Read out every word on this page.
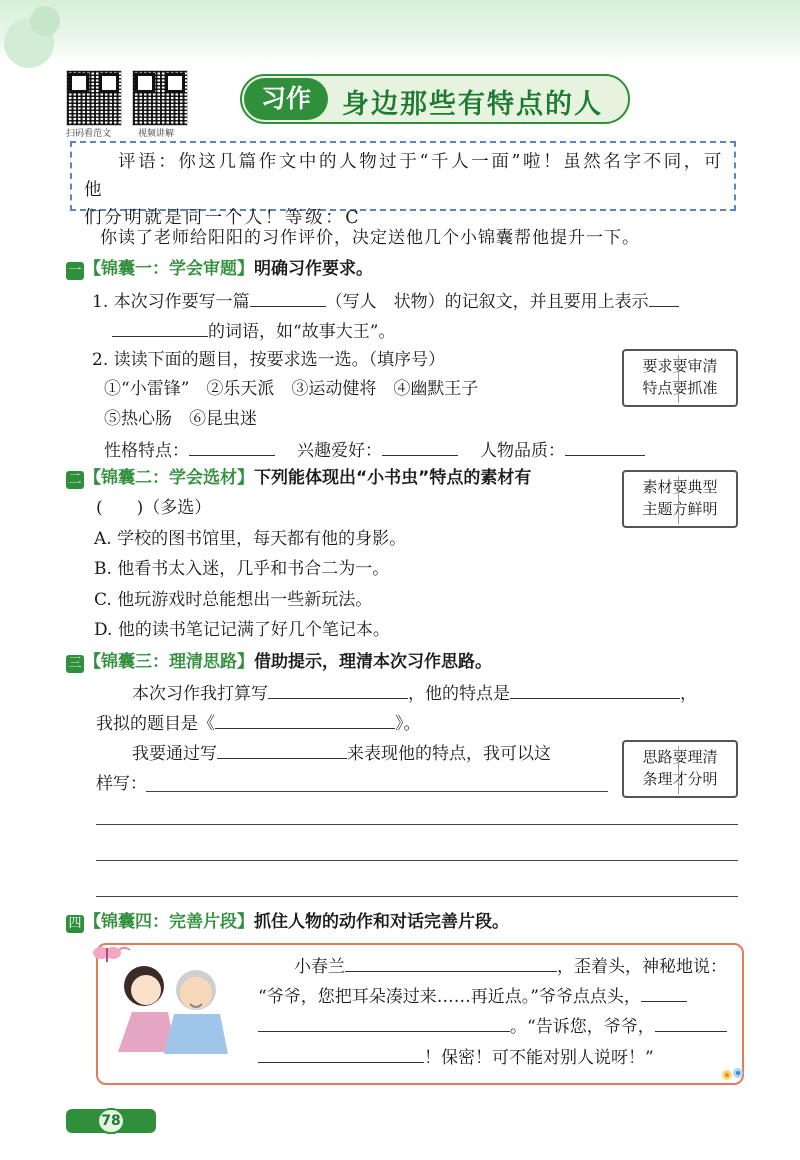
扫码看范文	视频讲解
习作	身边那些有特点的人
评语：你这几篇作文中的人物过于“千人一面”啦！虽然名字不同，可他
们分明就是同一个人！等级：C
你读了老师给阳阳的习作评价，决定送他几个小锦囊帮他提升一下。
一 【锦囊一：学会审题】明确习作要求。
1. 本次习作要写一篇	（写人　状物）的记叙文，并且要用上表示
的词语，如“故事大王”。
2. 读读下面的题目，按要求选一选。（填序号）
①“小雷锋”　②乐天派　③运动健将　④幽默王子
⑤热心肠　⑥昆虫迷
性格特点：	兴趣爱好：	人物品质：
要求要审清
特点要抓准
二 【锦囊二：学会选材】下列能体现出“小书虫”特点的素材有
(　　)（多选）
A. 学校的图书馆里，每天都有他的身影。
B. 他看书太入迷，几乎和书合二为一。
C. 他玩游戏时总能想出一些新玩法。
D. 他的读书笔记记满了好几个笔记本。
素材要典型
主题方鲜明
三 【锦囊三：理清思路】借助提示，理清本次习作思路。
本次习作我打算写	，他的特点是	，
我拟的题目是《	》。
我要通过写	来表现他的特点，我可以这
样写：
思路要理清
条理才分明
四 【锦囊四：完善片段】抓住人物的动作和对话完善片段。
小春兰	，歪着头，神秘地说：
“爷爷，您把耳朵凑过来……再近点。”爷爷点点头，
。“告诉您，爷爷，
！保密！可不能对别人说呀！”
78
